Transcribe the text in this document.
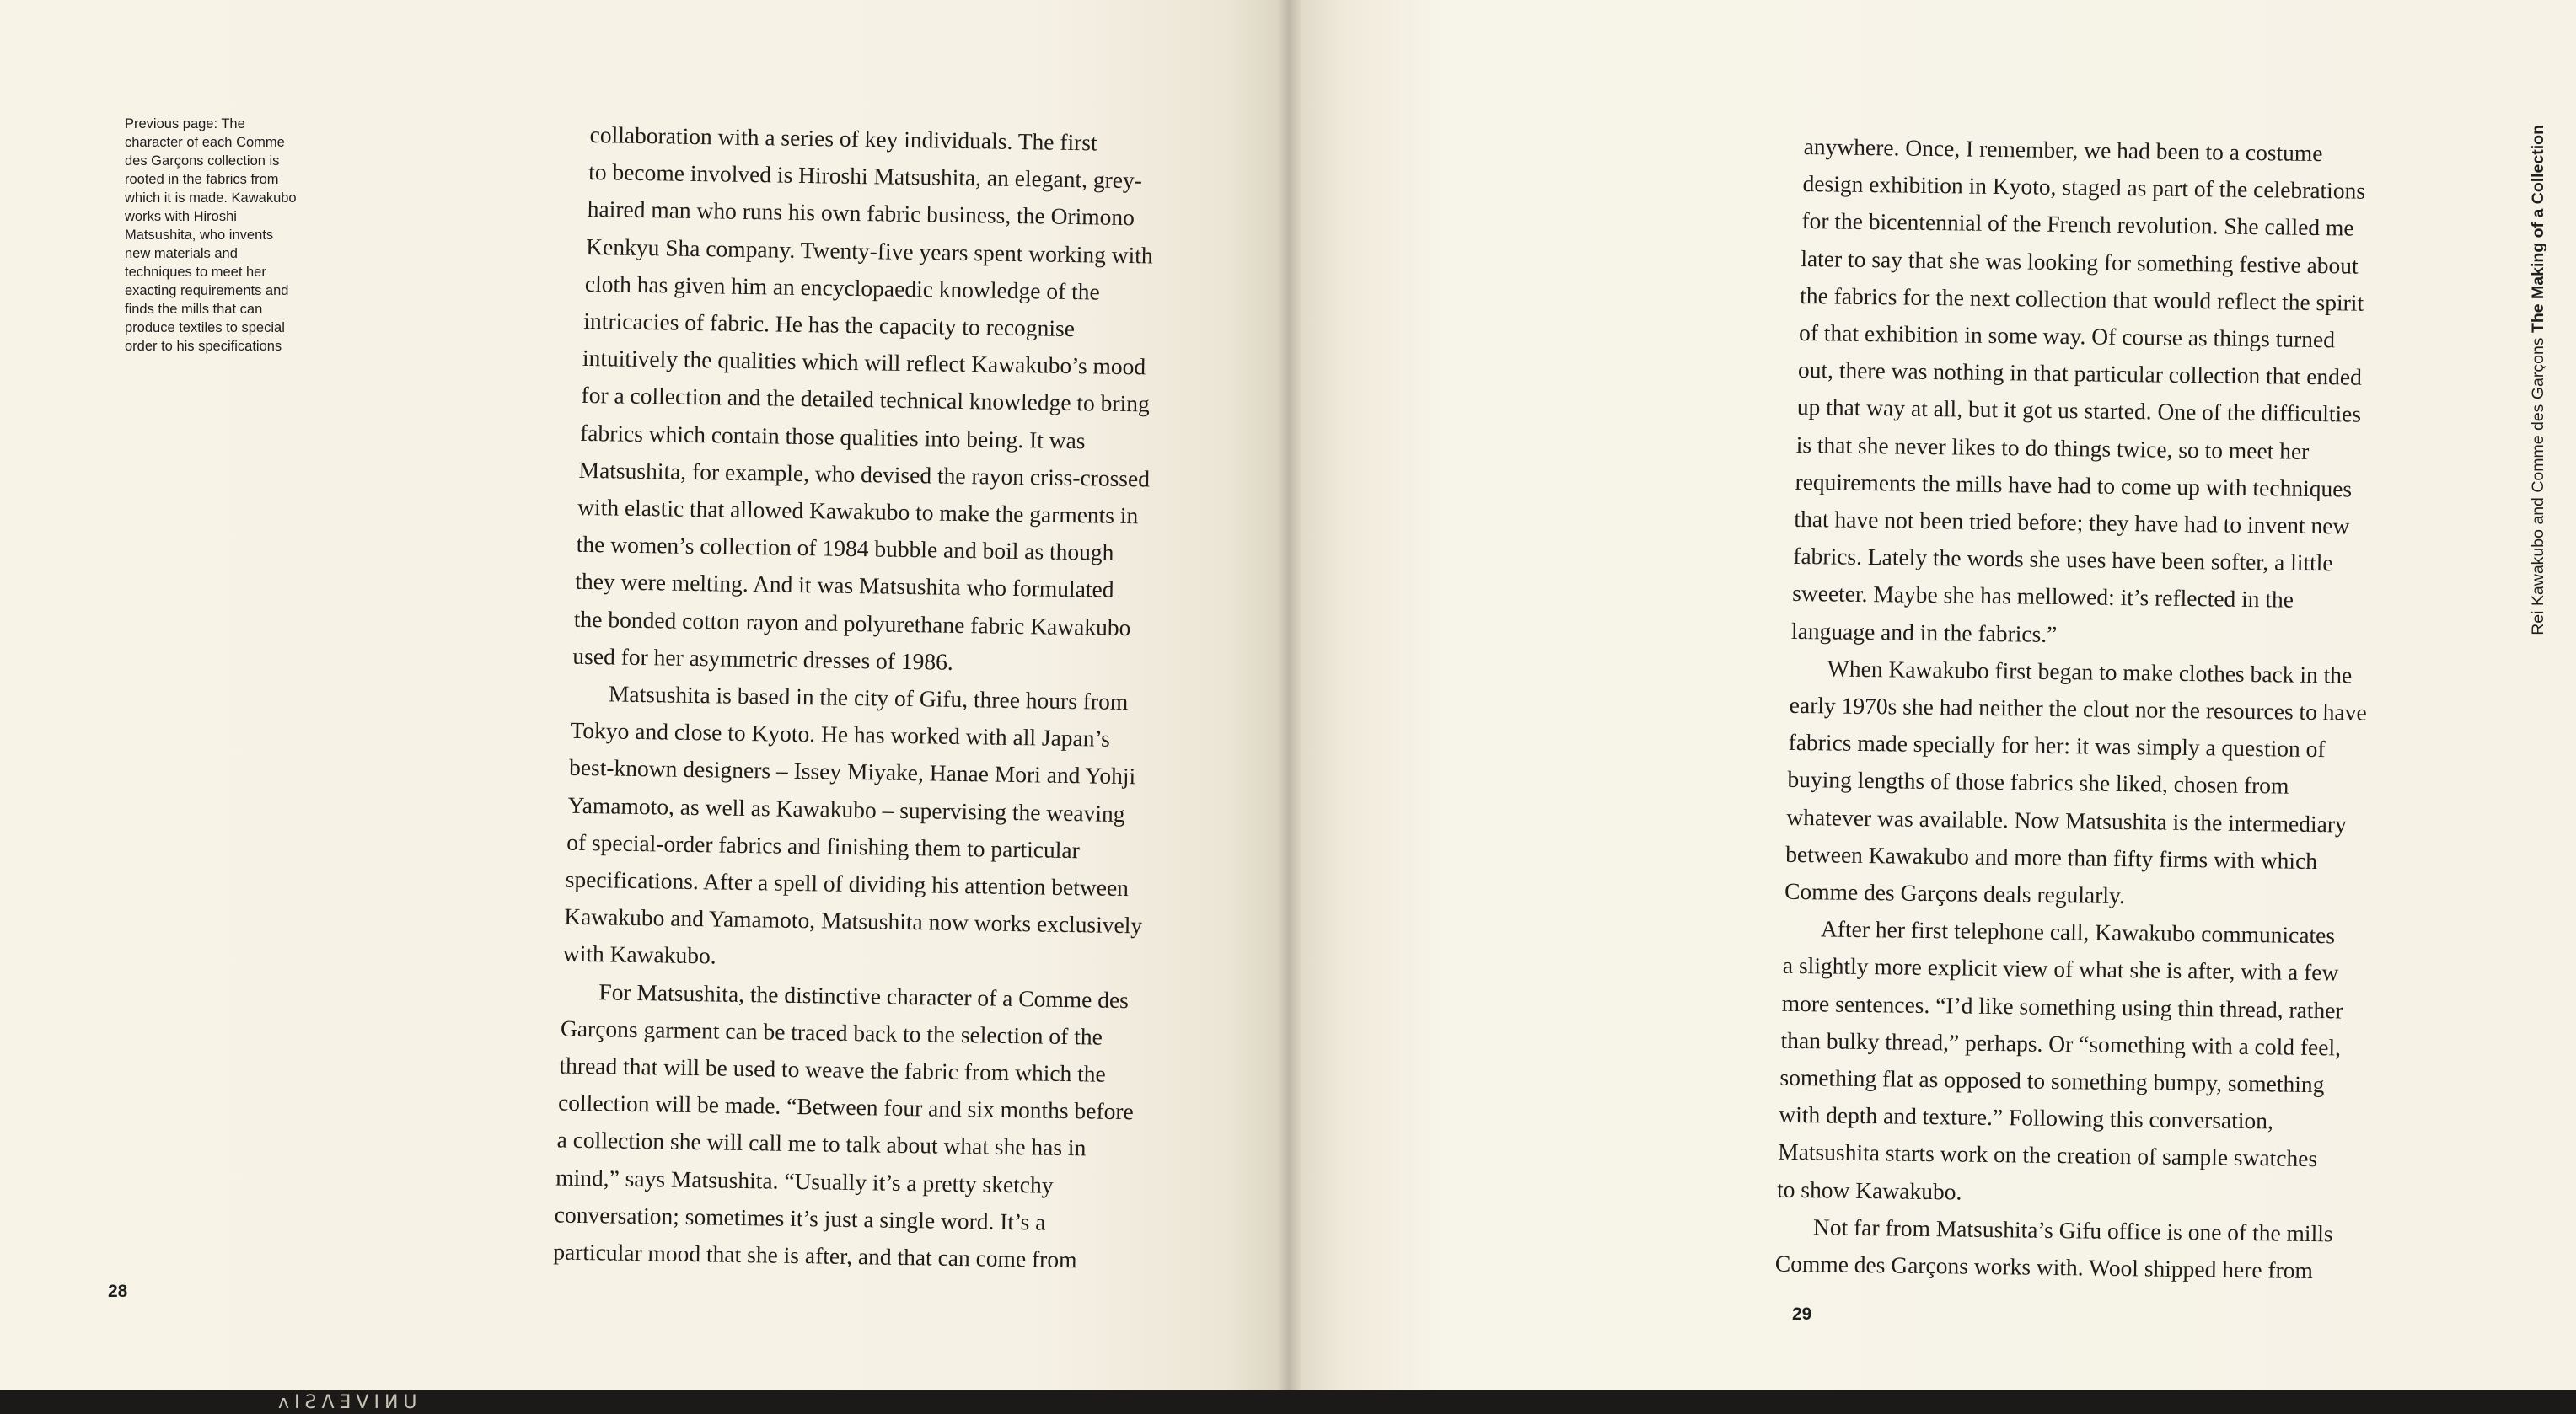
Previous page: The
character of each Comme
des Garçons collection is
rooted in the fabrics from
which it is made. Kawakubo
works with Hiroshi
Matsushita, who invents
new materials and
techniques to meet her
exacting requirements and
finds the mills that can
produce textiles to special
order to his specifications
collaboration with a series of key individuals. The first
to become involved is Hiroshi Matsushita, an elegant, grey-
haired man who runs his own fabric business, the Orimono
Kenkyu Sha company. Twenty-five years spent working with
cloth has given him an encyclopaedic knowledge of the
intricacies of fabric. He has the capacity to recognise
intuitively the qualities which will reflect Kawakubo’s mood
for a collection and the detailed technical knowledge to bring
fabrics which contain those qualities into being. It was
Matsushita, for example, who devised the rayon criss-crossed
with elastic that allowed Kawakubo to make the garments in
the women’s collection of 1984 bubble and boil as though
they were melting. And it was Matsushita who formulated
the bonded cotton rayon and polyurethane fabric Kawakubo
used for her asymmetric dresses of 1986.
Matsushita is based in the city of Gifu, three hours from
Tokyo and close to Kyoto. He has worked with all Japan’s
best-known designers – Issey Miyake, Hanae Mori and Yohji
Yamamoto, as well as Kawakubo – supervising the weaving
of special-order fabrics and finishing them to particular
specifications. After a spell of dividing his attention between
Kawakubo and Yamamoto, Matsushita now works exclusively
with Kawakubo.
For Matsushita, the distinctive character of a Comme des
Garçons garment can be traced back to the selection of the
thread that will be used to weave the fabric from which the
collection will be made. “Between four and six months before
a collection she will call me to talk about what she has in
mind,” says Matsushita. “Usually it’s a pretty sketchy
conversation; sometimes it’s just a single word. It’s a
particular mood that she is after, and that can come from
28
anywhere. Once, I remember, we had been to a costume
design exhibition in Kyoto, staged as part of the celebrations
for the bicentennial of the French revolution. She called me
later to say that she was looking for something festive about
the fabrics for the next collection that would reflect the spirit
of that exhibition in some way. Of course as things turned
out, there was nothing in that particular collection that ended
up that way at all, but it got us started. One of the difficulties
is that she never likes to do things twice, so to meet her
requirements the mills have had to come up with techniques
that have not been tried before; they have had to invent new
fabrics. Lately the words she uses have been softer, a little
sweeter. Maybe she has mellowed: it’s reflected in the
language and in the fabrics.”
When Kawakubo first began to make clothes back in the
early 1970s she had neither the clout nor the resources to have
fabrics made specially for her: it was simply a question of
buying lengths of those fabrics she liked, chosen from
whatever was available. Now Matsushita is the intermediary
between Kawakubo and more than fifty firms with which
Comme des Garçons deals regularly.
After her first telephone call, Kawakubo communicates
a slightly more explicit view of what she is after, with a few
more sentences. “I’d like something using thin thread, rather
than bulky thread,” perhaps. Or “something with a cold feel,
something flat as opposed to something bumpy, something
with depth and texture.” Following this conversation,
Matsushita starts work on the creation of sample swatches
to show Kawakubo.
Not far from Matsushita’s Gifu office is one of the mills
Comme des Garçons works with. Wool shipped here from
29
Rei Kawakubo and Comme des Garçons The Making of a Collection
ᴧIƧɅƎVIИU
